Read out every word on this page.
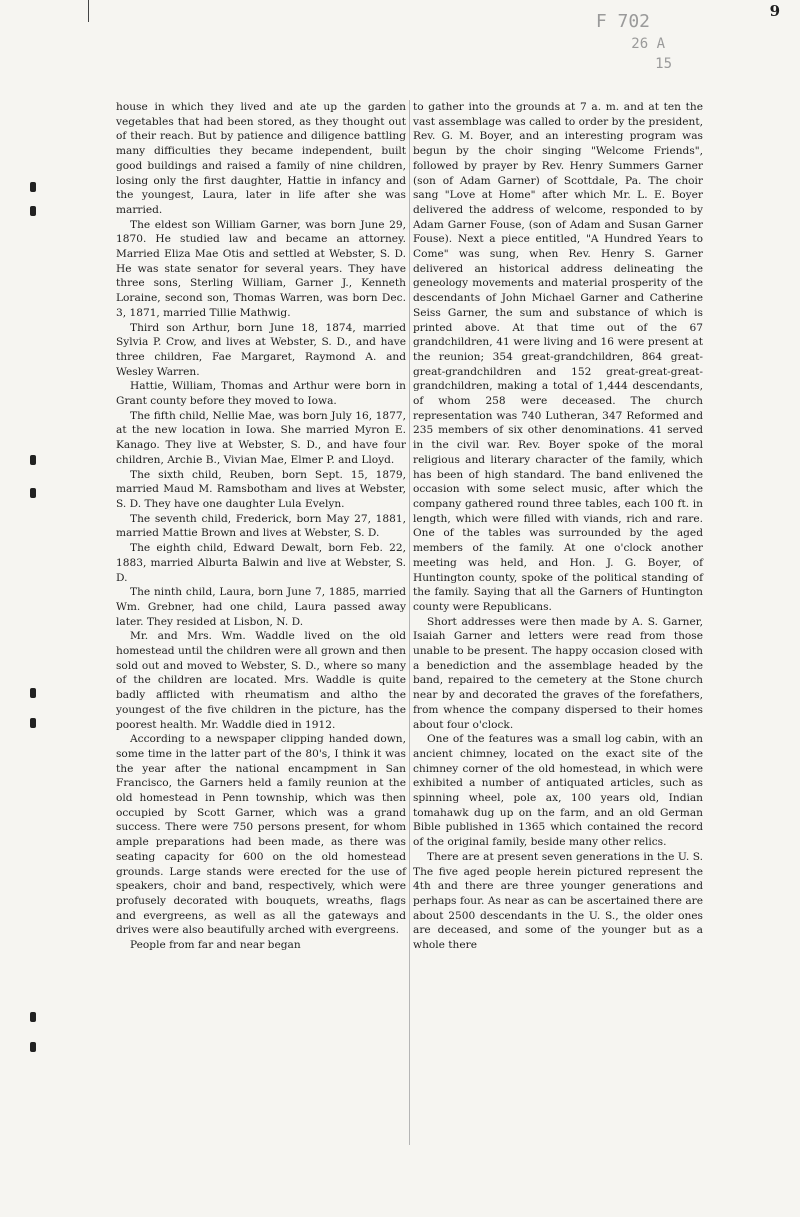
9
F 702
26 A
15

house in which they lived and ate up the garden vegetables that had been stored, as they thought out of their reach. But by patience and diligence battling many difficulties they became independent, built good buildings and raised a family of nine children, losing only the first daughter, Hattie in infancy and the youngest, Laura, later in life after she was married.

The eldest son William Garner, was born June 29, 1870. He studied law and became an attorney. Married Eliza Mae Otis and settled at Webster, S. D. He was state senator for several years. They have three sons, Sterling William, Garner J., Kenneth Loraine, second son, Thomas Warren, was born Dec. 3, 1871, married Tillie Mathwig.

Third son Arthur, born June 18, 1874, married Sylvia P. Crow, and lives at Webster, S. D., and have three children, Fae Margaret, Raymond A. and Wesley Warren.

Hattie, William, Thomas and Arthur were born in Grant county before they moved to Iowa.

The fifth child, Nellie Mae, was born July 16, 1877, at the new location in Iowa. She married Myron E. Kanago. They live at Webster, S. D., and have four children, Archie B., Vivian Mae, Elmer P. and Lloyd.

The sixth child, Reuben, born Sept. 15, 1879, married Maud M. Ramsbotham and lives at Webster, S. D. They have one daughter Lula Evelyn.

The seventh child, Frederick, born May 27, 1881, married Mattie Brown and lives at Webster, S. D.

The eighth child, Edward Dewalt, born Feb. 22, 1883, married Alburta Balwin and live at Webster, S. D.

The ninth child, Laura, born June 7, 1885, married Wm. Grebner, had one child, Laura passed away later. They resided at Lisbon, N. D.

Mr. and Mrs. Wm. Waddle lived on the old homestead until the children were all grown and then sold out and moved to Webster, S. D., where so many of the children are located. Mrs. Waddle is quite badly afflicted with rheumatism and altho the youngest of the five children in the picture, has the poorest health. Mr. Waddle died in 1912.

According to a newspaper clipping handed down, some time in the latter part of the 80's, I think it was the year after the national encampment in San Francisco, the Garners held a family reunion at the old homestead in Penn township, which was then occupied by Scott Garner, which was a grand success. There were 750 persons present, for whom ample preparations had been made, as there was seating capacity for 600 on the old homestead grounds. Large stands were erected for the use of speakers, choir and band, respectively, which were profusely decorated with bouquets, wreaths, flags and evergreens, as well as all the gateways and drives were also beautifully arched with evergreens.

People from far and near began

to gather into the grounds at 7 a. m. and at ten the vast assemblage was called to order by the president, Rev. G. M. Boyer, and an interesting program was begun by the choir singing "Welcome Friends", followed by prayer by Rev. Henry Summers Garner (son of Adam Garner) of Scottdale, Pa. The choir sang "Love at Home" after which Mr. L. E. Boyer delivered the address of welcome, responded to by Adam Garner Fouse, (son of Adam and Susan Garner Fouse). Next a piece entitled, "A Hundred Years to Come" was sung, when Rev. Henry S. Garner delivered an historical address delineating the geneology movements and material prosperity of the descendants of John Michael Garner and Catherine Seiss Garner, the sum and substance of which is printed above. At that time out of the 67 grandchildren, 41 were living and 16 were present at the reunion; 354 great-grandchildren, 864 great-great-grandchildren and 152 great-great-great-grandchildren, making a total of 1,444 descendants, of whom 258 were deceased. The church representation was 740 Lutheran, 347 Reformed and 235 members of six other denominations. 41 served in the civil war. Rev. Boyer spoke of the moral religious and literary character of the family, which has been of high standard. The band enlivened the occasion with some select music, after which the company gathered round three tables, each 100 ft. in length, which were filled with viands, rich and rare. One of the tables was surrounded by the aged members of the family. At one o'clock another meeting was held, and Hon. J. G. Boyer, of Huntington county, spoke of the political standing of the family. Saying that all the Garners of Huntington county were Republicans.

Short addresses were then made by A. S. Garner, Isaiah Garner and letters were read from those unable to be present. The happy occasion closed with a benediction and the assemblage headed by the band, repaired to the cemetery at the Stone church near by and decorated the graves of the forefathers, from whence the company dispersed to their homes about four o'clock.

One of the features was a small log cabin, with an ancient chimney, located on the exact site of the chimney corner of the old homestead, in which were exhibited a number of antiquated articles, such as spinning wheel, pole ax, 100 years old, Indian tomahawk dug up on the farm, and an old German Bible published in 1365 which contained the record of the original family, beside many other relics.

There are at present seven generations in the U. S. The five aged people herein pictured represent the 4th and there are three younger generations and perhaps four. As near as can be ascertained there are about 2500 descendants in the U. S., the older ones are deceased, and some of the younger but as a whole there
